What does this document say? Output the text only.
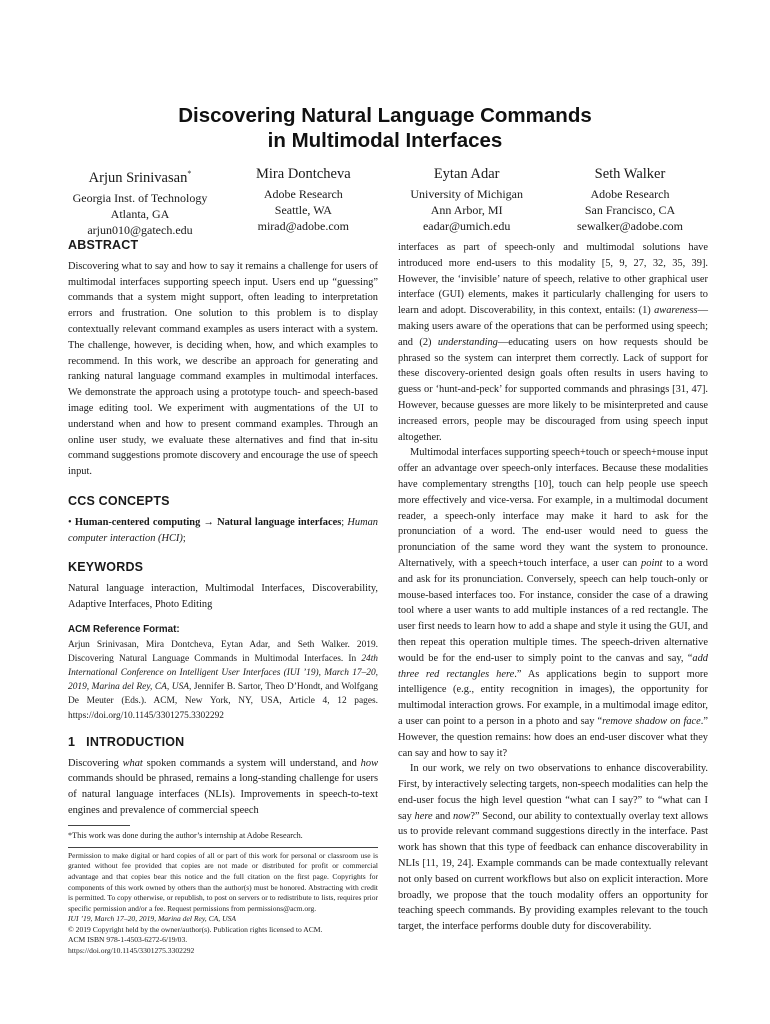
Discovering Natural Language Commands
in Multimodal Interfaces
Arjun Srinivasan*
Georgia Inst. of Technology
Atlanta, GA
arjun010@gatech.edu
Mira Dontcheva
Adobe Research
Seattle, WA
mirad@adobe.com
Eytan Adar
University of Michigan
Ann Arbor, MI
eadar@umich.edu
Seth Walker
Adobe Research
San Francisco, CA
sewalker@adobe.com
ABSTRACT

Discovering what to say and how to say it remains a challenge for users of multimodal interfaces supporting speech input. Users end up “guessing” commands that a system might support, often leading to interpretation errors and frustration. One solution to this problem is to display contextually relevant command examples as users interact with a system. The challenge, however, is deciding when, how, and which examples to recommend. In this work, we describe an approach for generating and ranking natural language command examples in multimodal interfaces. We demonstrate the approach using a prototype touch- and speech-based image editing tool. We experiment with augmentations of the UI to understand when and how to present command examples. Through an online user study, we evaluate these alternatives and find that in-situ command suggestions promote discovery and encourage the use of speech input.

CCS CONCEPTS

• Human-centered computing → Natural language interfaces; Human computer interaction (HCI);

KEYWORDS

Natural language interaction, Multimodal Interfaces, Discoverability, Adaptive Interfaces, Photo Editing

ACM Reference Format:

Arjun Srinivasan, Mira Dontcheva, Eytan Adar, and Seth Walker. 2019. Discovering Natural Language Commands in Multimodal Interfaces. In 24th International Conference on Intelligent User Interfaces (IUI ’19), March 17–20, 2019, Marina del Rey, CA, USA, Jennifer B. Sartor, Theo D’Hondt, and Wolfgang De Meuter (Eds.). ACM, New York, NY, USA, Article 4, 12 pages. https://doi.org/10.1145/3301275.3302292

1   INTRODUCTION

Discovering what spoken commands a system will understand, and how commands should be phrased, remains a long-standing challenge for users of natural language interfaces (NLIs). Improvements in speech-to-text engines and prevalence of commercial speech

*This work was done during the author’s internship at Adobe Research.

Permission to make digital or hard copies of all or part of this work for personal or classroom use is granted without fee provided that copies are not made or distributed for profit or commercial advantage and that copies bear this notice and the full citation on the first page. Copyrights for components of this work owned by others than the author(s) must be honored. Abstracting with credit is permitted. To copy otherwise, or republish, to post on servers or to redistribute to lists, requires prior specific permission and/or a fee. Request permissions from permissions@acm.org.

IUI ’19, March 17–20, 2019, Marina del Rey, CA, USA

© 2019 Copyright held by the owner/author(s). Publication rights licensed to ACM.

ACM ISBN 978-1-4503-6272-6/19/03.

https://doi.org/10.1145/3301275.3302292

interfaces as part of speech-only and multimodal solutions have introduced more end-users to this modality [5, 9, 27, 32, 35, 39]. However, the ‘invisible’ nature of speech, relative to other graphical user interface (GUI) elements, makes it particularly challenging for users to learn and adopt. Discoverability, in this context, entails: (1) awareness—making users aware of the operations that can be performed using speech; and (2) understanding—educating users on how requests should be phrased so the system can interpret them correctly. Lack of support for these discovery-oriented design goals often results in users having to guess or ‘hunt-and-peck’ for supported commands and phrasings [31, 47]. However, because guesses are more likely to be misinterpreted and cause increased errors, people may be discouraged from using speech input altogether.

Multimodal interfaces supporting speech+touch or speech+mouse input offer an advantage over speech-only interfaces. Because these modalities have complementary strengths [10], touch can help people use speech more effectively and vice-versa. For example, in a multimodal document reader, a speech-only interface may make it hard to ask for the pronunciation of a word. The end-user would need to guess the pronunciation of the same word they want the system to pronounce. Alternatively, with a speech+touch interface, a user can point to a word and ask for its pronunciation. Conversely, speech can help touch-only or mouse-based interfaces too. For instance, consider the case of a drawing tool where a user wants to add multiple instances of a red rectangle. The user first needs to learn how to add a shape and style it using the GUI, and then repeat this operation multiple times. The speech-driven alternative would be for the end-user to simply point to the canvas and say, “add three red rectangles here.” As applications begin to support more intelligence (e.g., entity recognition in images), the opportunity for multimodal interaction grows. For example, in a multimodal image editor, a user can point to a person in a photo and say “remove shadow on face.” However, the question remains: how does an end-user discover what they can say and how to say it?

In our work, we rely on two observations to enhance discoverability. First, by interactively selecting targets, non-speech modalities can help the end-user focus the high level question “what can I say?” to “what can I say here and now?” Second, our ability to contextually overlay text allows us to provide relevant command suggestions directly in the interface. Past work has shown that this type of feedback can enhance discoverability in NLIs [11, 19, 24]. Example commands can be made contextually relevant not only based on current workflows but also on explicit interaction. More broadly, we propose that the touch modality offers an opportunity for teaching speech commands. By providing examples relevant to the touch target, the interface performs double duty for discoverability.
